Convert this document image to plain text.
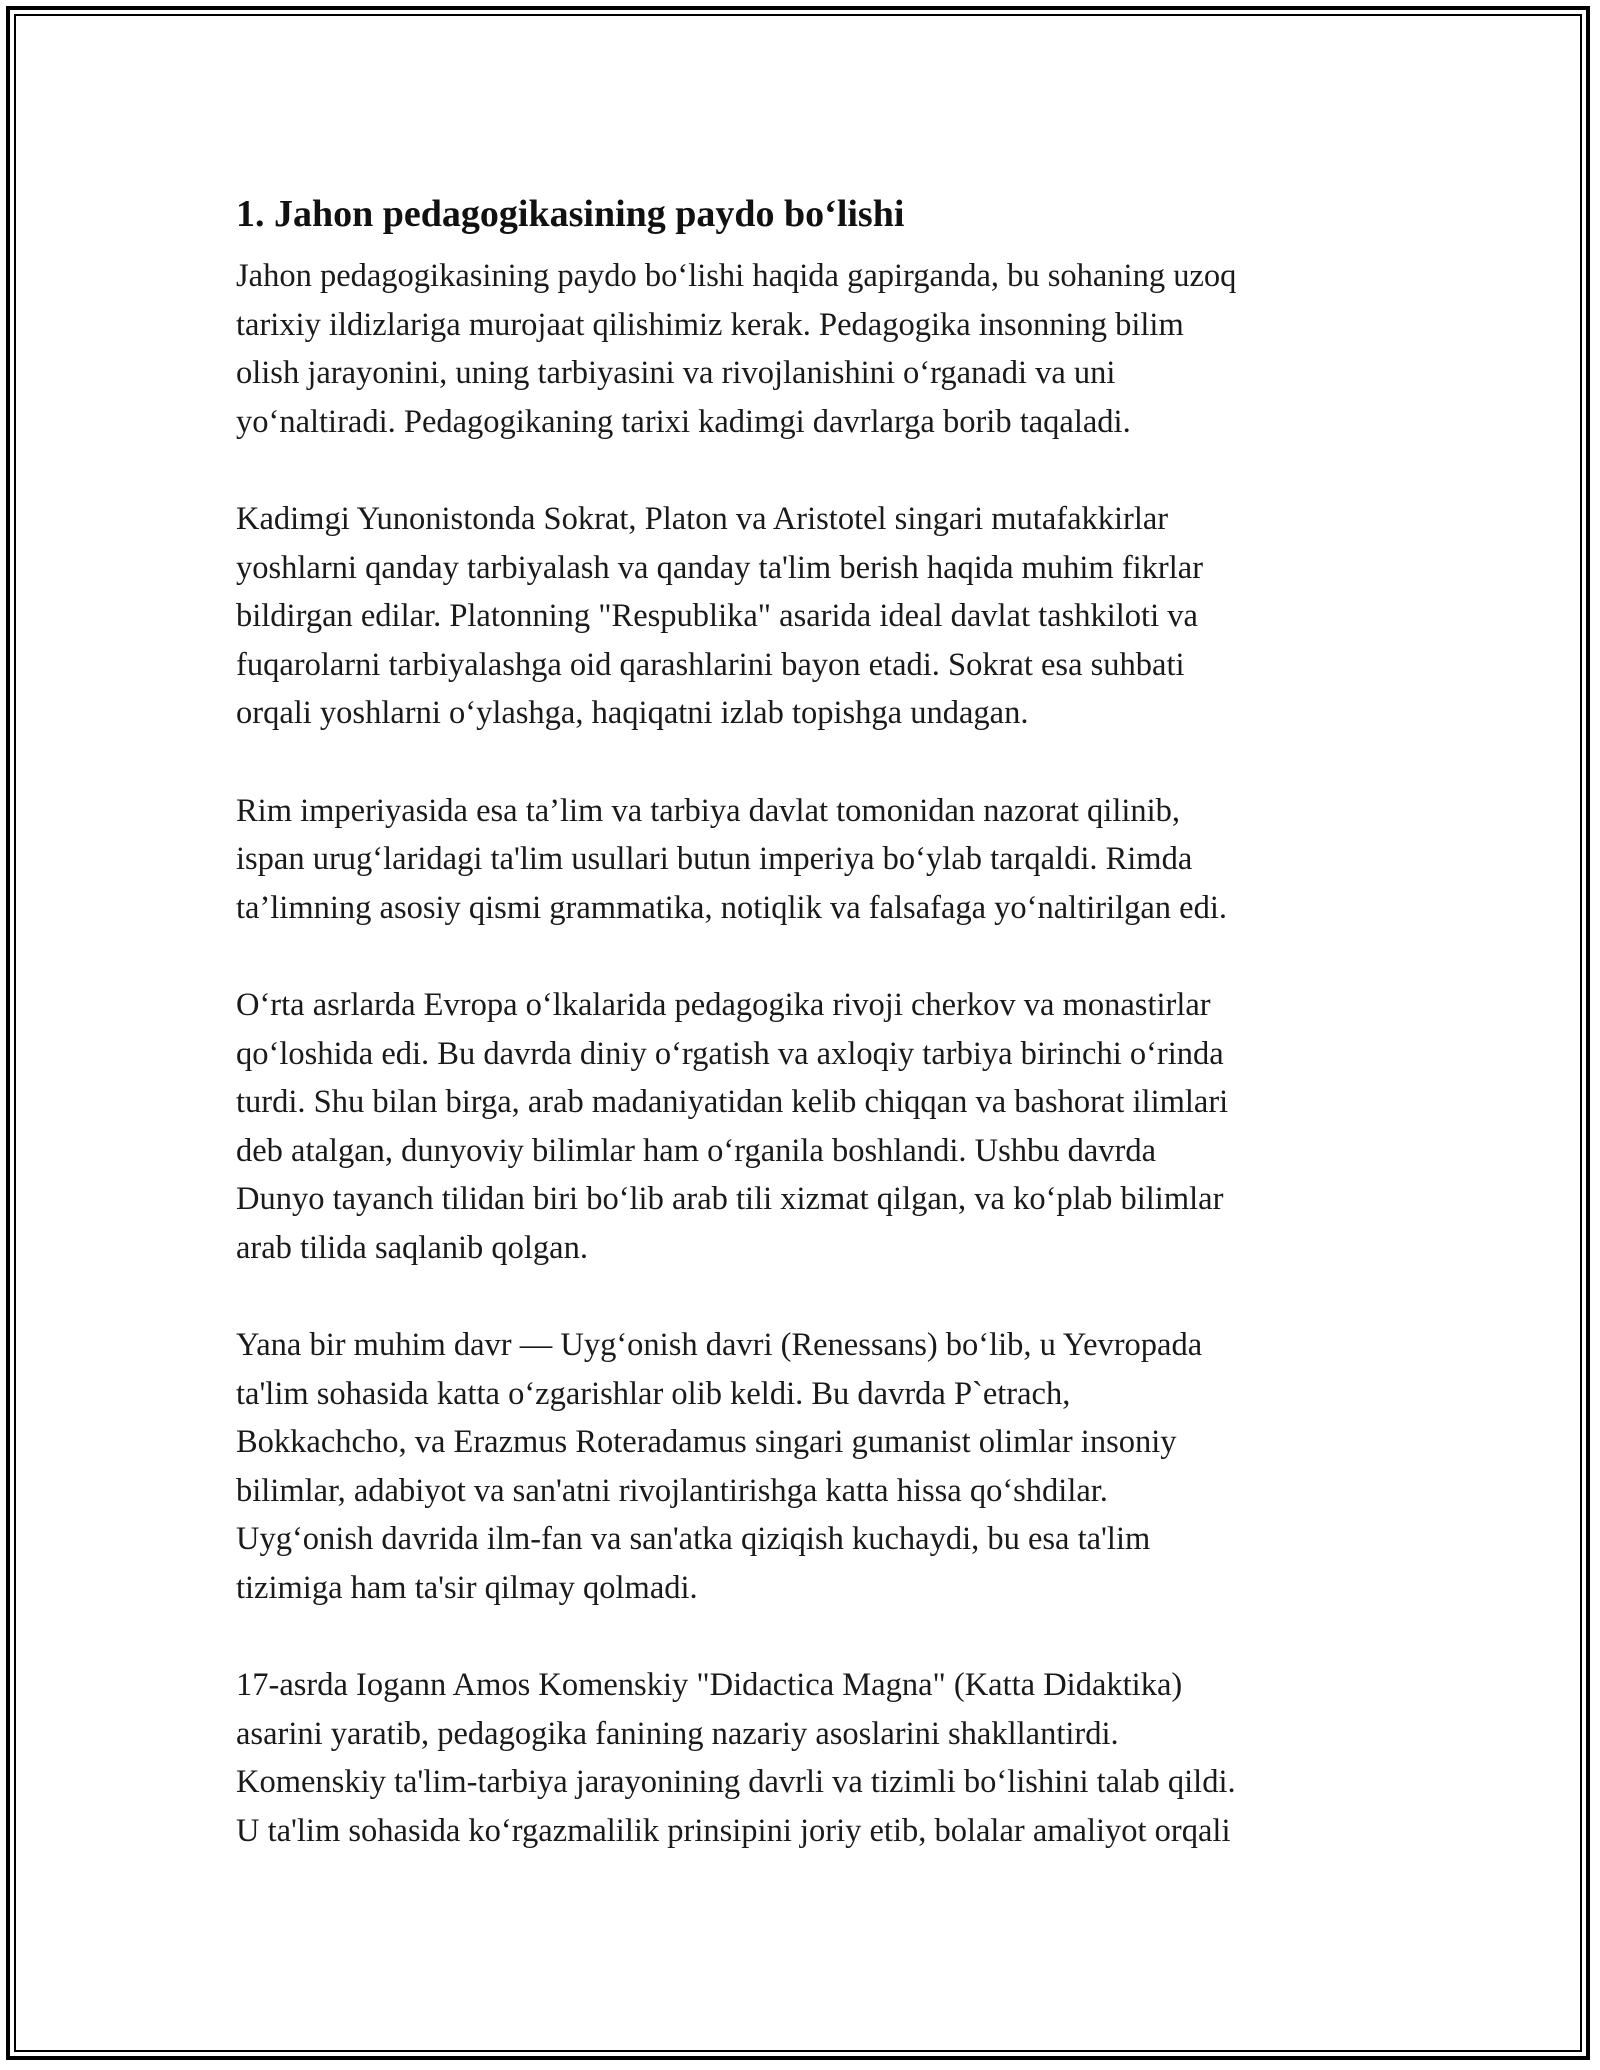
1. Jahon pedagogikasining paydo bo‘lishi

Jahon pedagogikasining paydo bo‘lishi haqida gapirganda, bu sohaning uzoq
tarixiy ildizlariga murojaat qilishimiz kerak. Pedagogika insonning bilim
olish jarayonini, uning tarbiyasini va rivojlanishini o‘rganadi va uni
yo‘naltiradi. Pedagogikaning tarixi kadimgi davrlarga borib taqaladi.

Kadimgi Yunonistonda Sokrat, Platon va Aristotel singari mutafakkirlar
yoshlarni qanday tarbiyalash va qanday ta'lim berish haqida muhim fikrlar
bildirgan edilar. Platonning "Respublika" asarida ideal davlat tashkiloti va
fuqarolarni tarbiyalashga oid qarashlarini bayon etadi. Sokrat esa suhbati
orqali yoshlarni o‘ylashga, haqiqatni izlab topishga undagan.

Rim imperiyasida esa ta’lim va tarbiya davlat tomonidan nazorat qilinib,
ispan urug‘laridagi ta'lim usullari butun imperiya bo‘ylab tarqaldi. Rimda
ta’limning asosiy qismi grammatika, notiqlik va falsafaga yo‘naltirilgan edi.

O‘rta asrlarda Evropa o‘lkalarida pedagogika rivoji cherkov va monastirlar
qo‘loshida edi. Bu davrda diniy o‘rgatish va axloqiy tarbiya birinchi o‘rinda
turdi. Shu bilan birga, arab madaniyatidan kelib chiqqan va bashorat ilimlari
deb atalgan, dunyoviy bilimlar ham o‘rganila boshlandi. Ushbu davrda
Dunyo tayanch tilidan biri bo‘lib arab tili xizmat qilgan, va ko‘plab bilimlar
arab tilida saqlanib qolgan.

Yana bir muhim davr — Uyg‘onish davri (Renessans) bo‘lib, u Yevropada
ta'lim sohasida katta o‘zgarishlar olib keldi. Bu davrda P`etrach,
Bokkachcho, va Erazmus Roteradamus singari gumanist olimlar insoniy
bilimlar, adabiyot va san'atni rivojlantirishga katta hissa qo‘shdilar.
Uyg‘onish davrida ilm-fan va san'atka qiziqish kuchaydi, bu esa ta'lim
tizimiga ham ta'sir qilmay qolmadi.

17-asrda Iogann Amos Komenskiy "Didactica Magna" (Katta Didaktika)
asarini yaratib, pedagogika fanining nazariy asoslarini shakllantirdi.
Komenskiy ta'lim-tarbiya jarayonining davrli va tizimli bo‘lishini talab qildi.
U ta'lim sohasida ko‘rgazmalilik prinsipini joriy etib, bolalar amaliyot orqali
